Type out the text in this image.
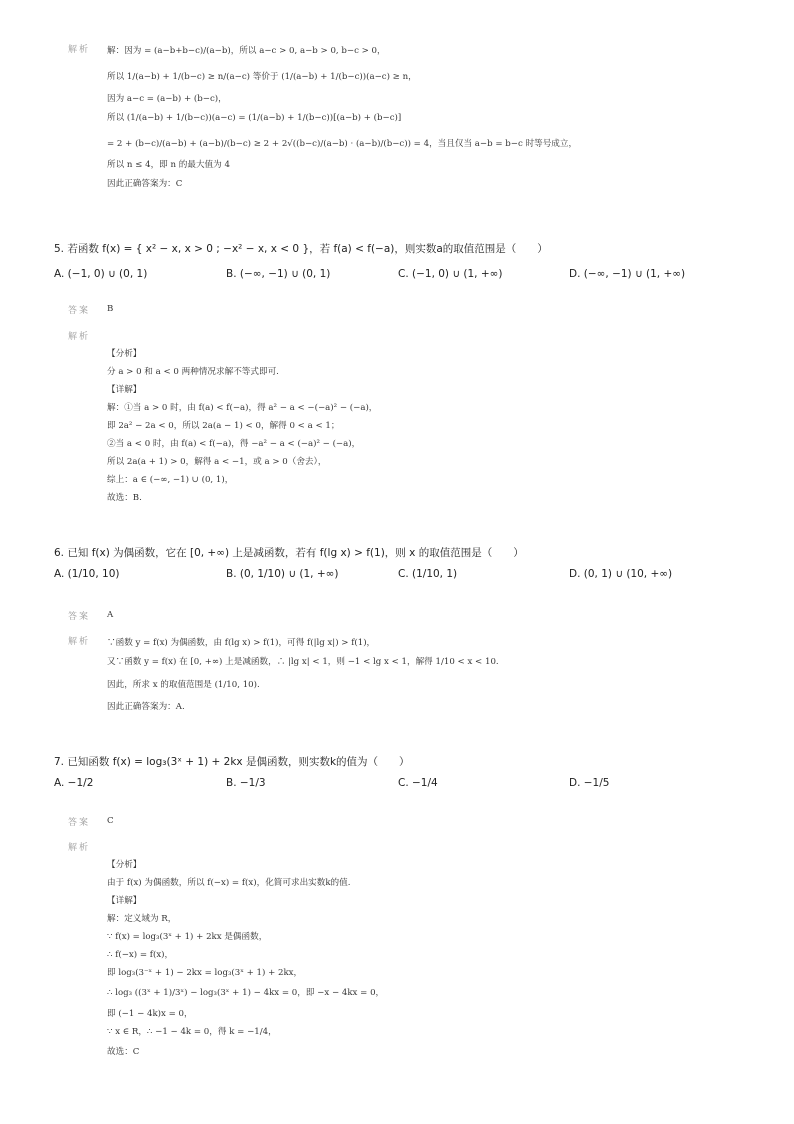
解析 解：因为 = (a−b+b−c)/(a−b)，所以 a−c > 0, a−b > 0, b−c > 0，
所以 1/(a−b) + 1/(b−c) ≥ n/(a−c) 等价于 (1/(a−b) + 1/(b−c))(a−c) ≥ n，
因为 a−c = (a−b) + (b−c)，
所以 (1/(a−b) + 1/(b−c))(a−c) = (1/(a−b) + 1/(b−c))[(a−b) + (b−c)]
= 2 + (b−c)/(a−b) + (a−b)/(b−c) ≥ 2 + 2√((b−c)/(a−b) · (a−b)/(b−c)) = 4，当且仅当 a−b = b−c 时等号成立，
所以 n ≤ 4，即 n 的最大值为 4
因此正确答案为：C
5. 若函数 f(x) = { x² − x, x > 0 ; −x² − x, x < 0 }，若 f(a) < f(−a)，则实数a的取值范围是（　　）
A. (−1, 0) ∪ (0, 1)	B. (−∞, −1) ∪ (0, 1)	C. (−1, 0) ∪ (1, +∞)	D. (−∞, −1) ∪ (1, +∞)
答案 B
解析
【分析】
分 a > 0 和 a < 0 两种情况求解不等式即可.
【详解】
解：①当 a > 0 时，由 f(a) < f(−a)，得 a² − a < −(−a)² − (−a)，
即 2a² − 2a < 0，所以 2a(a − 1) < 0，解得 0 < a < 1；
②当 a < 0 时，由 f(a) < f(−a)，得 −a² − a < (−a)² − (−a)，
所以 2a(a + 1) > 0，解得 a < −1，或 a > 0（舍去），
综上：a ∈ (−∞, −1) ∪ (0, 1)，
故选：B.
6. 已知 f(x) 为偶函数，它在 [0, +∞) 上是减函数，若有 f(lg x) > f(1)，则 x 的取值范围是（　　）
A. (1/10, 10)	B. (0, 1/10) ∪ (1, +∞)	C. (1/10, 1)	D. (0, 1) ∪ (10, +∞)
答案 A
解析 ∵函数 y = f(x) 为偶函数，由 f(lg x) > f(1)，可得 f(|lg x|) > f(1)，
又∵函数 y = f(x) 在 [0, +∞) 上是减函数，∴ |lg x| < 1，则 −1 < lg x < 1，解得 1/10 < x < 10.
因此，所求 x 的取值范围是 (1/10, 10).
因此正确答案为：A.
7. 已知函数 f(x) = log₃(3ˣ + 1) + 2kx 是偶函数，则实数k的值为（　　）
A. −1/2	B. −1/3	C. −1/4	D. −1/5
答案 C
解析
【分析】
由于 f(x) 为偶函数，所以 f(−x) = f(x)，化简可求出实数k的值.
【详解】
解：定义域为 R，
∵ f(x) = log₃(3ˣ + 1) + 2kx 是偶函数，
∴ f(−x) = f(x)，
即 log₃(3⁻ˣ + 1) − 2kx = log₃(3ˣ + 1) + 2kx，
∴ log₃ ((3ˣ + 1)/3ˣ) − log₃(3ˣ + 1) − 4kx = 0，即 −x − 4kx = 0，
即 (−1 − 4k)x = 0，
∵ x ∈ R，∴ −1 − 4k = 0，得 k = −1/4，
故选：C
